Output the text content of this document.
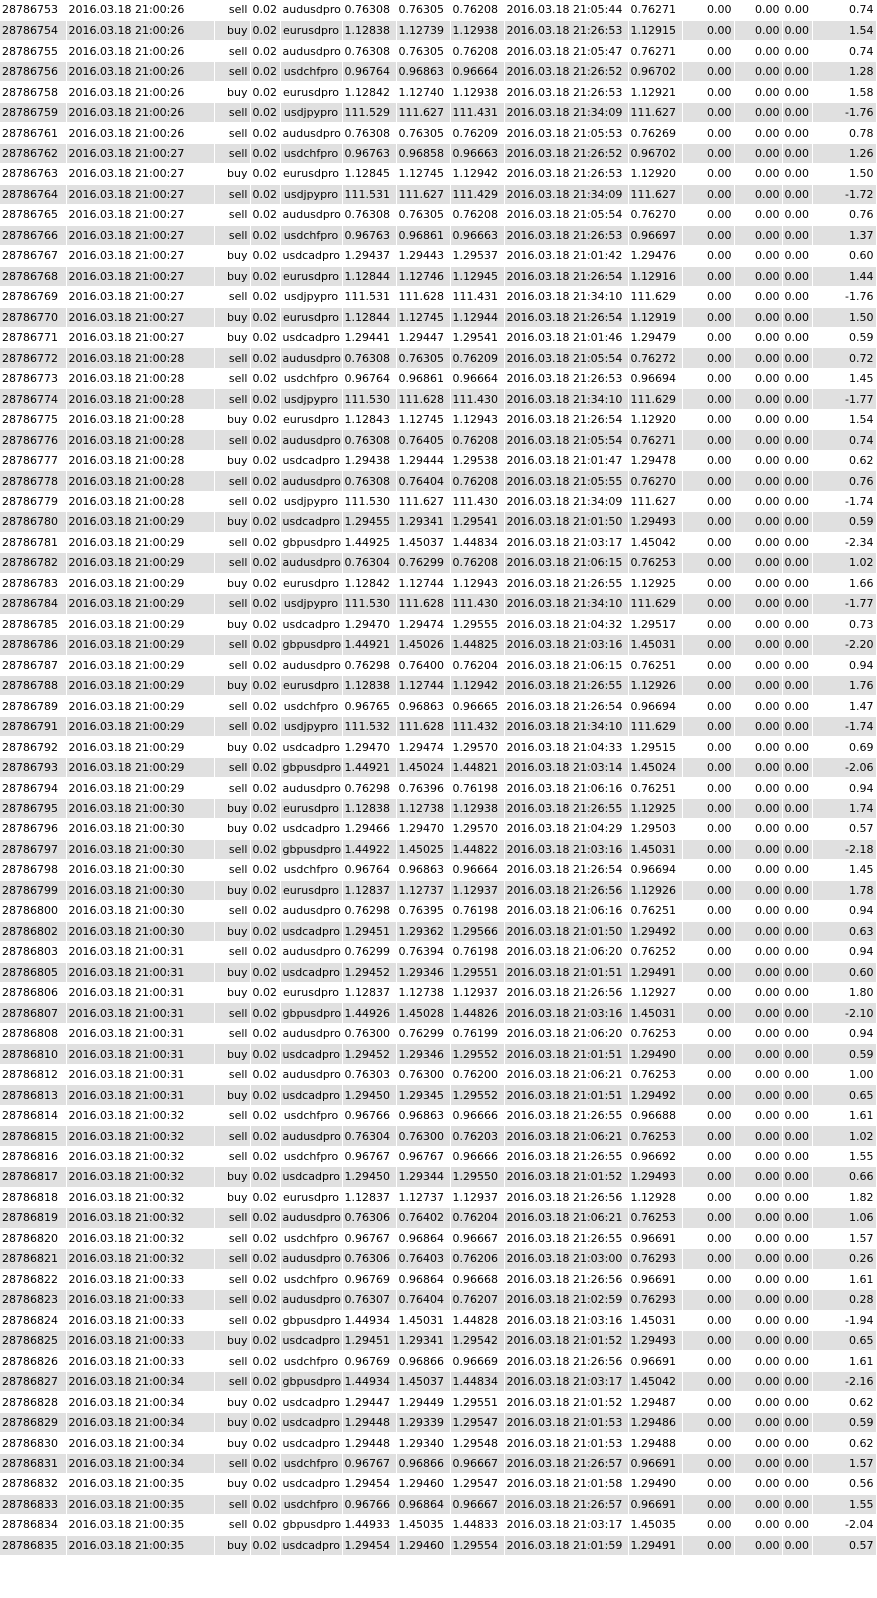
28786753	2016.03.18 21:00:26	sell	0.02	audusdpro	0.76308	0.76305	0.76208	2016.03.18 21:05:44	0.76271	0.00	0.00	0.00	0.74
28786754	2016.03.18 21:00:26	buy	0.02	eurusdpro	1.12838	1.12739	1.12938	2016.03.18 21:26:53	1.12915	0.00	0.00	0.00	1.54
28786755	2016.03.18 21:00:26	sell	0.02	audusdpro	0.76308	0.76305	0.76208	2016.03.18 21:05:47	0.76271	0.00	0.00	0.00	0.74
28786756	2016.03.18 21:00:26	sell	0.02	usdchfpro	0.96764	0.96863	0.96664	2016.03.18 21:26:52	0.96702	0.00	0.00	0.00	1.28
28786758	2016.03.18 21:00:26	buy	0.02	eurusdpro	1.12842	1.12740	1.12938	2016.03.18 21:26:53	1.12921	0.00	0.00	0.00	1.58
28786759	2016.03.18 21:00:26	sell	0.02	usdjpypro	111.529	111.627	111.431	2016.03.18 21:34:09	111.627	0.00	0.00	0.00	-1.76
28786761	2016.03.18 21:00:26	sell	0.02	audusdpro	0.76308	0.76305	0.76209	2016.03.18 21:05:53	0.76269	0.00	0.00	0.00	0.78
28786762	2016.03.18 21:00:27	sell	0.02	usdchfpro	0.96763	0.96858	0.96663	2016.03.18 21:26:52	0.96702	0.00	0.00	0.00	1.26
28786763	2016.03.18 21:00:27	buy	0.02	eurusdpro	1.12845	1.12745	1.12942	2016.03.18 21:26:53	1.12920	0.00	0.00	0.00	1.50
28786764	2016.03.18 21:00:27	sell	0.02	usdjpypro	111.531	111.627	111.429	2016.03.18 21:34:09	111.627	0.00	0.00	0.00	-1.72
28786765	2016.03.18 21:00:27	sell	0.02	audusdpro	0.76308	0.76305	0.76208	2016.03.18 21:05:54	0.76270	0.00	0.00	0.00	0.76
28786766	2016.03.18 21:00:27	sell	0.02	usdchfpro	0.96763	0.96861	0.96663	2016.03.18 21:26:53	0.96697	0.00	0.00	0.00	1.37
28786767	2016.03.18 21:00:27	buy	0.02	usdcadpro	1.29437	1.29443	1.29537	2016.03.18 21:01:42	1.29476	0.00	0.00	0.00	0.60
28786768	2016.03.18 21:00:27	buy	0.02	eurusdpro	1.12844	1.12746	1.12945	2016.03.18 21:26:54	1.12916	0.00	0.00	0.00	1.44
28786769	2016.03.18 21:00:27	sell	0.02	usdjpypro	111.531	111.628	111.431	2016.03.18 21:34:10	111.629	0.00	0.00	0.00	-1.76
28786770	2016.03.18 21:00:27	buy	0.02	eurusdpro	1.12844	1.12745	1.12944	2016.03.18 21:26:54	1.12919	0.00	0.00	0.00	1.50
28786771	2016.03.18 21:00:27	buy	0.02	usdcadpro	1.29441	1.29447	1.29541	2016.03.18 21:01:46	1.29479	0.00	0.00	0.00	0.59
28786772	2016.03.18 21:00:28	sell	0.02	audusdpro	0.76308	0.76305	0.76209	2016.03.18 21:05:54	0.76272	0.00	0.00	0.00	0.72
28786773	2016.03.18 21:00:28	sell	0.02	usdchfpro	0.96764	0.96861	0.96664	2016.03.18 21:26:53	0.96694	0.00	0.00	0.00	1.45
28786774	2016.03.18 21:00:28	sell	0.02	usdjpypro	111.530	111.628	111.430	2016.03.18 21:34:10	111.629	0.00	0.00	0.00	-1.77
28786775	2016.03.18 21:00:28	buy	0.02	eurusdpro	1.12843	1.12745	1.12943	2016.03.18 21:26:54	1.12920	0.00	0.00	0.00	1.54
28786776	2016.03.18 21:00:28	sell	0.02	audusdpro	0.76308	0.76405	0.76208	2016.03.18 21:05:54	0.76271	0.00	0.00	0.00	0.74
28786777	2016.03.18 21:00:28	buy	0.02	usdcadpro	1.29438	1.29444	1.29538	2016.03.18 21:01:47	1.29478	0.00	0.00	0.00	0.62
28786778	2016.03.18 21:00:28	sell	0.02	audusdpro	0.76308	0.76404	0.76208	2016.03.18 21:05:55	0.76270	0.00	0.00	0.00	0.76
28786779	2016.03.18 21:00:28	sell	0.02	usdjpypro	111.530	111.627	111.430	2016.03.18 21:34:09	111.627	0.00	0.00	0.00	-1.74
28786780	2016.03.18 21:00:29	buy	0.02	usdcadpro	1.29455	1.29341	1.29541	2016.03.18 21:01:50	1.29493	0.00	0.00	0.00	0.59
28786781	2016.03.18 21:00:29	sell	0.02	gbpusdpro	1.44925	1.45037	1.44834	2016.03.18 21:03:17	1.45042	0.00	0.00	0.00	-2.34
28786782	2016.03.18 21:00:29	sell	0.02	audusdpro	0.76304	0.76299	0.76208	2016.03.18 21:06:15	0.76253	0.00	0.00	0.00	1.02
28786783	2016.03.18 21:00:29	buy	0.02	eurusdpro	1.12842	1.12744	1.12943	2016.03.18 21:26:55	1.12925	0.00	0.00	0.00	1.66
28786784	2016.03.18 21:00:29	sell	0.02	usdjpypro	111.530	111.628	111.430	2016.03.18 21:34:10	111.629	0.00	0.00	0.00	-1.77
28786785	2016.03.18 21:00:29	buy	0.02	usdcadpro	1.29470	1.29474	1.29555	2016.03.18 21:04:32	1.29517	0.00	0.00	0.00	0.73
28786786	2016.03.18 21:00:29	sell	0.02	gbpusdpro	1.44921	1.45026	1.44825	2016.03.18 21:03:16	1.45031	0.00	0.00	0.00	-2.20
28786787	2016.03.18 21:00:29	sell	0.02	audusdpro	0.76298	0.76400	0.76204	2016.03.18 21:06:15	0.76251	0.00	0.00	0.00	0.94
28786788	2016.03.18 21:00:29	buy	0.02	eurusdpro	1.12838	1.12744	1.12942	2016.03.18 21:26:55	1.12926	0.00	0.00	0.00	1.76
28786789	2016.03.18 21:00:29	sell	0.02	usdchfpro	0.96765	0.96863	0.96665	2016.03.18 21:26:54	0.96694	0.00	0.00	0.00	1.47
28786791	2016.03.18 21:00:29	sell	0.02	usdjpypro	111.532	111.628	111.432	2016.03.18 21:34:10	111.629	0.00	0.00	0.00	-1.74
28786792	2016.03.18 21:00:29	buy	0.02	usdcadpro	1.29470	1.29474	1.29570	2016.03.18 21:04:33	1.29515	0.00	0.00	0.00	0.69
28786793	2016.03.18 21:00:29	sell	0.02	gbpusdpro	1.44921	1.45024	1.44821	2016.03.18 21:03:14	1.45024	0.00	0.00	0.00	-2.06
28786794	2016.03.18 21:00:29	sell	0.02	audusdpro	0.76298	0.76396	0.76198	2016.03.18 21:06:16	0.76251	0.00	0.00	0.00	0.94
28786795	2016.03.18 21:00:30	buy	0.02	eurusdpro	1.12838	1.12738	1.12938	2016.03.18 21:26:55	1.12925	0.00	0.00	0.00	1.74
28786796	2016.03.18 21:00:30	buy	0.02	usdcadpro	1.29466	1.29470	1.29570	2016.03.18 21:04:29	1.29503	0.00	0.00	0.00	0.57
28786797	2016.03.18 21:00:30	sell	0.02	gbpusdpro	1.44922	1.45025	1.44822	2016.03.18 21:03:16	1.45031	0.00	0.00	0.00	-2.18
28786798	2016.03.18 21:00:30	sell	0.02	usdchfpro	0.96764	0.96863	0.96664	2016.03.18 21:26:54	0.96694	0.00	0.00	0.00	1.45
28786799	2016.03.18 21:00:30	buy	0.02	eurusdpro	1.12837	1.12737	1.12937	2016.03.18 21:26:56	1.12926	0.00	0.00	0.00	1.78
28786800	2016.03.18 21:00:30	sell	0.02	audusdpro	0.76298	0.76395	0.76198	2016.03.18 21:06:16	0.76251	0.00	0.00	0.00	0.94
28786802	2016.03.18 21:00:30	buy	0.02	usdcadpro	1.29451	1.29362	1.29566	2016.03.18 21:01:50	1.29492	0.00	0.00	0.00	0.63
28786803	2016.03.18 21:00:31	sell	0.02	audusdpro	0.76299	0.76394	0.76198	2016.03.18 21:06:20	0.76252	0.00	0.00	0.00	0.94
28786805	2016.03.18 21:00:31	buy	0.02	usdcadpro	1.29452	1.29346	1.29551	2016.03.18 21:01:51	1.29491	0.00	0.00	0.00	0.60
28786806	2016.03.18 21:00:31	buy	0.02	eurusdpro	1.12837	1.12738	1.12937	2016.03.18 21:26:56	1.12927	0.00	0.00	0.00	1.80
28786807	2016.03.18 21:00:31	sell	0.02	gbpusdpro	1.44926	1.45028	1.44826	2016.03.18 21:03:16	1.45031	0.00	0.00	0.00	-2.10
28786808	2016.03.18 21:00:31	sell	0.02	audusdpro	0.76300	0.76299	0.76199	2016.03.18 21:06:20	0.76253	0.00	0.00	0.00	0.94
28786810	2016.03.18 21:00:31	buy	0.02	usdcadpro	1.29452	1.29346	1.29552	2016.03.18 21:01:51	1.29490	0.00	0.00	0.00	0.59
28786812	2016.03.18 21:00:31	sell	0.02	audusdpro	0.76303	0.76300	0.76200	2016.03.18 21:06:21	0.76253	0.00	0.00	0.00	1.00
28786813	2016.03.18 21:00:31	buy	0.02	usdcadpro	1.29450	1.29345	1.29552	2016.03.18 21:01:51	1.29492	0.00	0.00	0.00	0.65
28786814	2016.03.18 21:00:32	sell	0.02	usdchfpro	0.96766	0.96863	0.96666	2016.03.18 21:26:55	0.96688	0.00	0.00	0.00	1.61
28786815	2016.03.18 21:00:32	sell	0.02	audusdpro	0.76304	0.76300	0.76203	2016.03.18 21:06:21	0.76253	0.00	0.00	0.00	1.02
28786816	2016.03.18 21:00:32	sell	0.02	usdchfpro	0.96767	0.96767	0.96666	2016.03.18 21:26:55	0.96692	0.00	0.00	0.00	1.55
28786817	2016.03.18 21:00:32	buy	0.02	usdcadpro	1.29450	1.29344	1.29550	2016.03.18 21:01:52	1.29493	0.00	0.00	0.00	0.66
28786818	2016.03.18 21:00:32	buy	0.02	eurusdpro	1.12837	1.12737	1.12937	2016.03.18 21:26:56	1.12928	0.00	0.00	0.00	1.82
28786819	2016.03.18 21:00:32	sell	0.02	audusdpro	0.76306	0.76402	0.76204	2016.03.18 21:06:21	0.76253	0.00	0.00	0.00	1.06
28786820	2016.03.18 21:00:32	sell	0.02	usdchfpro	0.96767	0.96864	0.96667	2016.03.18 21:26:55	0.96691	0.00	0.00	0.00	1.57
28786821	2016.03.18 21:00:32	sell	0.02	audusdpro	0.76306	0.76403	0.76206	2016.03.18 21:03:00	0.76293	0.00	0.00	0.00	0.26
28786822	2016.03.18 21:00:33	sell	0.02	usdchfpro	0.96769	0.96864	0.96668	2016.03.18 21:26:56	0.96691	0.00	0.00	0.00	1.61
28786823	2016.03.18 21:00:33	sell	0.02	audusdpro	0.76307	0.76404	0.76207	2016.03.18 21:02:59	0.76293	0.00	0.00	0.00	0.28
28786824	2016.03.18 21:00:33	sell	0.02	gbpusdpro	1.44934	1.45031	1.44828	2016.03.18 21:03:16	1.45031	0.00	0.00	0.00	-1.94
28786825	2016.03.18 21:00:33	buy	0.02	usdcadpro	1.29451	1.29341	1.29542	2016.03.18 21:01:52	1.29493	0.00	0.00	0.00	0.65
28786826	2016.03.18 21:00:33	sell	0.02	usdchfpro	0.96769	0.96866	0.96669	2016.03.18 21:26:56	0.96691	0.00	0.00	0.00	1.61
28786827	2016.03.18 21:00:34	sell	0.02	gbpusdpro	1.44934	1.45037	1.44834	2016.03.18 21:03:17	1.45042	0.00	0.00	0.00	-2.16
28786828	2016.03.18 21:00:34	buy	0.02	usdcadpro	1.29447	1.29449	1.29551	2016.03.18 21:01:52	1.29487	0.00	0.00	0.00	0.62
28786829	2016.03.18 21:00:34	buy	0.02	usdcadpro	1.29448	1.29339	1.29547	2016.03.18 21:01:53	1.29486	0.00	0.00	0.00	0.59
28786830	2016.03.18 21:00:34	buy	0.02	usdcadpro	1.29448	1.29340	1.29548	2016.03.18 21:01:53	1.29488	0.00	0.00	0.00	0.62
28786831	2016.03.18 21:00:34	sell	0.02	usdchfpro	0.96767	0.96866	0.96667	2016.03.18 21:26:57	0.96691	0.00	0.00	0.00	1.57
28786832	2016.03.18 21:00:35	buy	0.02	usdcadpro	1.29454	1.29460	1.29547	2016.03.18 21:01:58	1.29490	0.00	0.00	0.00	0.56
28786833	2016.03.18 21:00:35	sell	0.02	usdchfpro	0.96766	0.96864	0.96667	2016.03.18 21:26:57	0.96691	0.00	0.00	0.00	1.55
28786834	2016.03.18 21:00:35	sell	0.02	gbpusdpro	1.44933	1.45035	1.44833	2016.03.18 21:03:17	1.45035	0.00	0.00	0.00	-2.04
28786835	2016.03.18 21:00:35	buy	0.02	usdcadpro	1.29454	1.29460	1.29554	2016.03.18 21:01:59	1.29491	0.00	0.00	0.00	0.57
